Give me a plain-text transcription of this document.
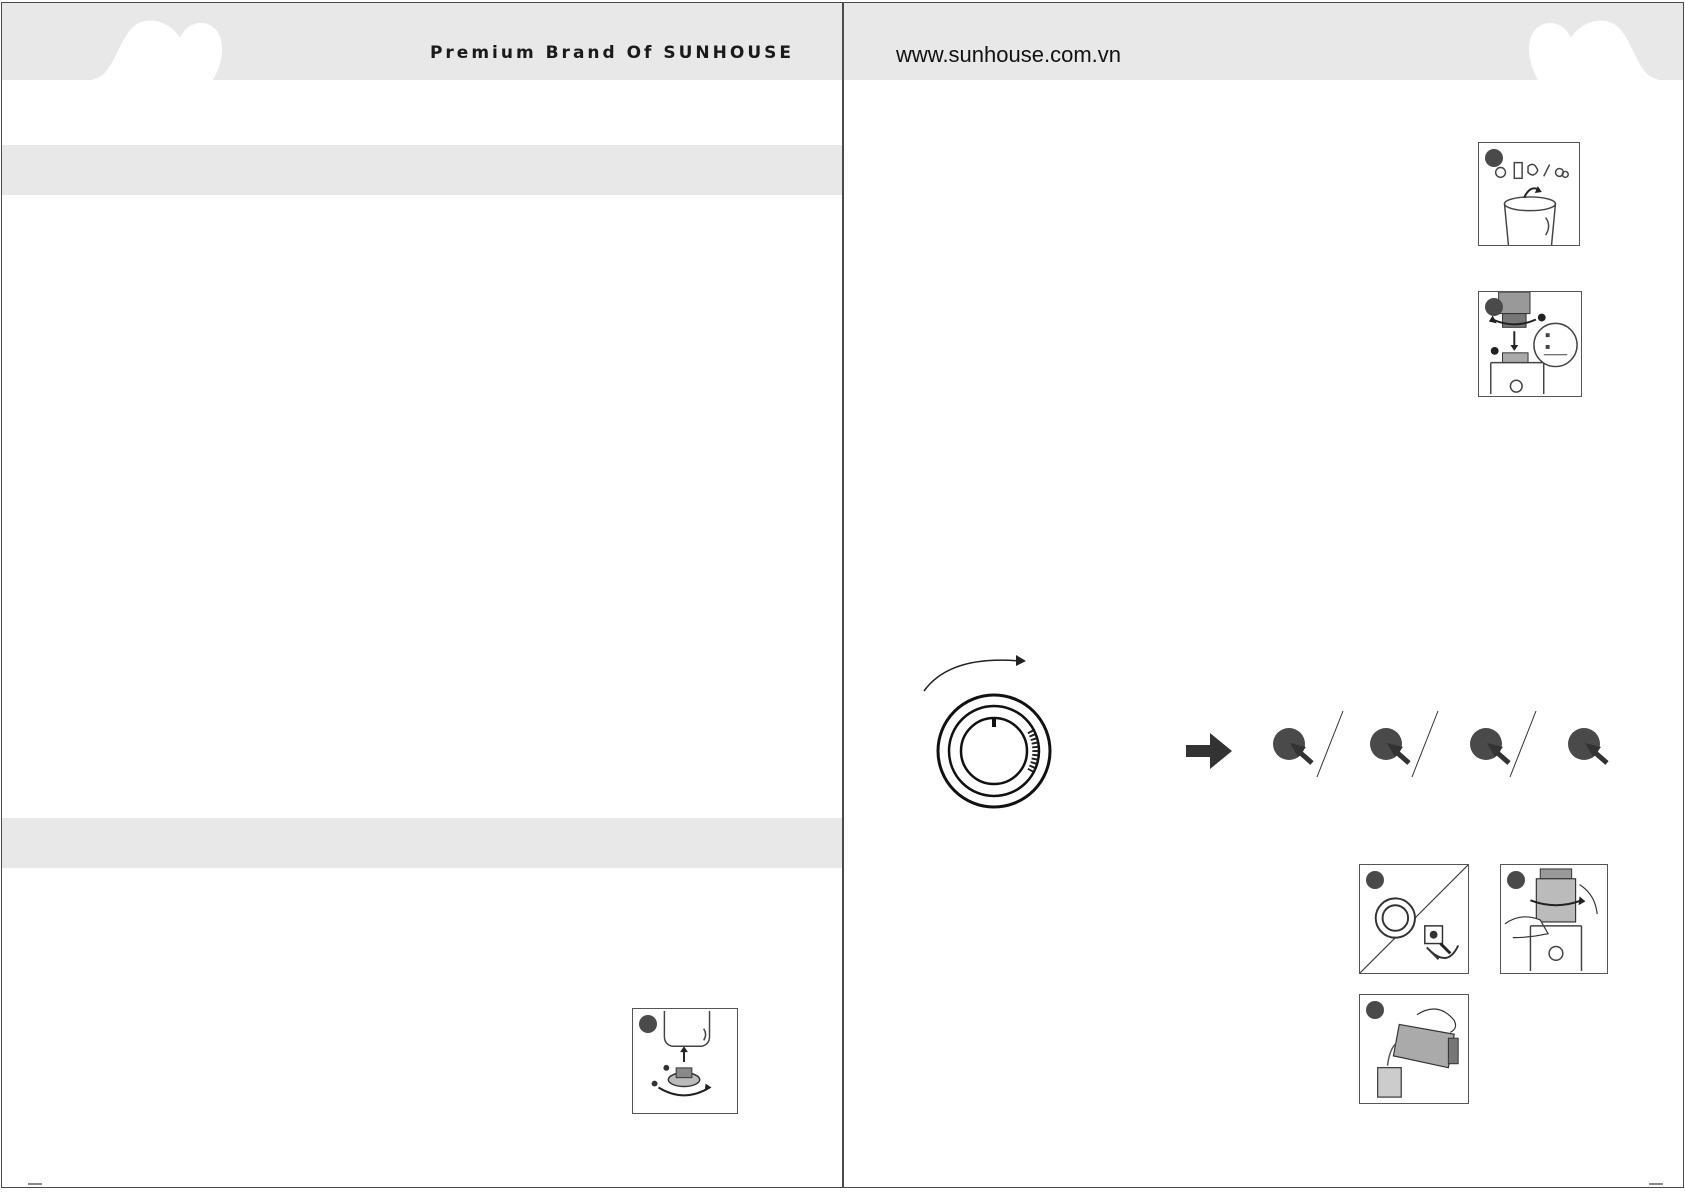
Premium Brand Of SUNHOUSE	www.sunhouse.com.vn
